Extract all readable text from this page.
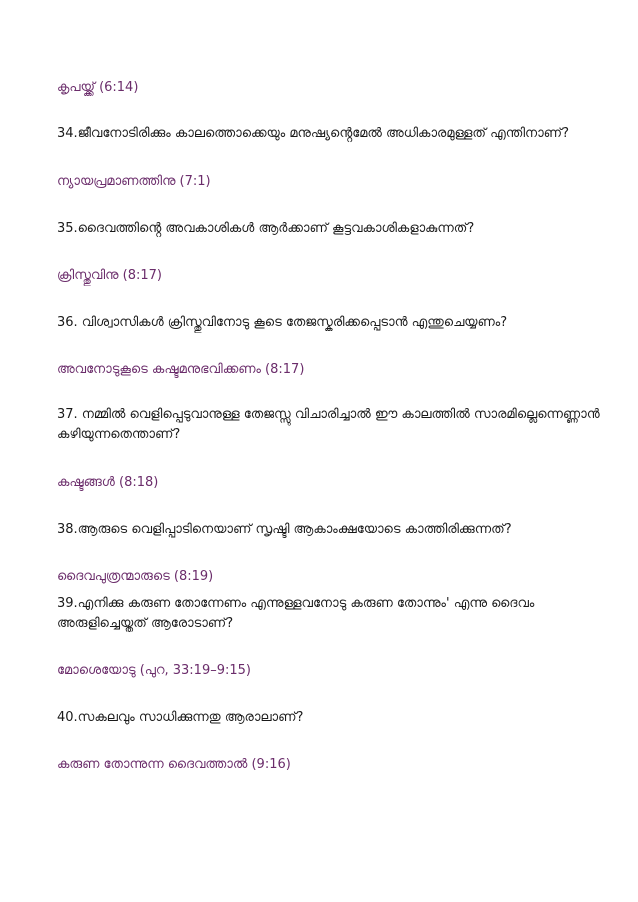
കൃപയ്ക്ക് (6:14)
34.ജീവനോടിരിക്കും കാലത്തൊക്കെയും മനുഷ്യൻ്റെമേൽ അധികാരമുള്ളത് എന്തിനാണ്?
ന്യായപ്രമാണത്തിനു (7:1)
35.ദൈവത്തിൻ്റെ അവകാശികൾ ആർക്കാണ് കൂട്ടവകാശികളാകുന്നത്?
ക്രിസ്തുവിനു (8:17)
36. വിശ്വാസികൾ ക്രിസ്തുവിനോടു കൂടെ തേജസ്കരിക്കപ്പെടാൻ എന്തുചെയ്യണം?
അവനോടുകൂടെ കഷ്ടമനുഭവിക്കണം (8:17)
37. നമ്മിൽ വെളിപ്പെടുവാനുള്ള തേജസ്സു വിചാരിച്ചാൽ ഈ കാലത്തിൽ സാരമില്ലെന്നെണ്ണാൻ കഴിയുന്നതെന്താണ്?
കഷ്ടങ്ങൾ (8:18)
38.ആരുടെ വെളിപ്പാടിനെയാണ് സൃഷ്ടി ആകാംക്ഷയോടെ കാത്തിരിക്കുന്നത്?
ദൈവപുത്രന്മാരുടെ (8:19)
39.എനിക്കു കരുണ തോന്നേണം എന്നുള്ളവനോടു കരുണ തോന്നും' എന്നു ദൈവം അരുളിച്ചെയ്തത് ആരോടാണ്?
മോശെയോടു (പുറ, 33:19–9:15)
40.സകലവും സാധിക്കുന്നതു ആരാലാണ്?
കരുണ തോന്നുന്ന ദൈവത്താൽ (9:16)
